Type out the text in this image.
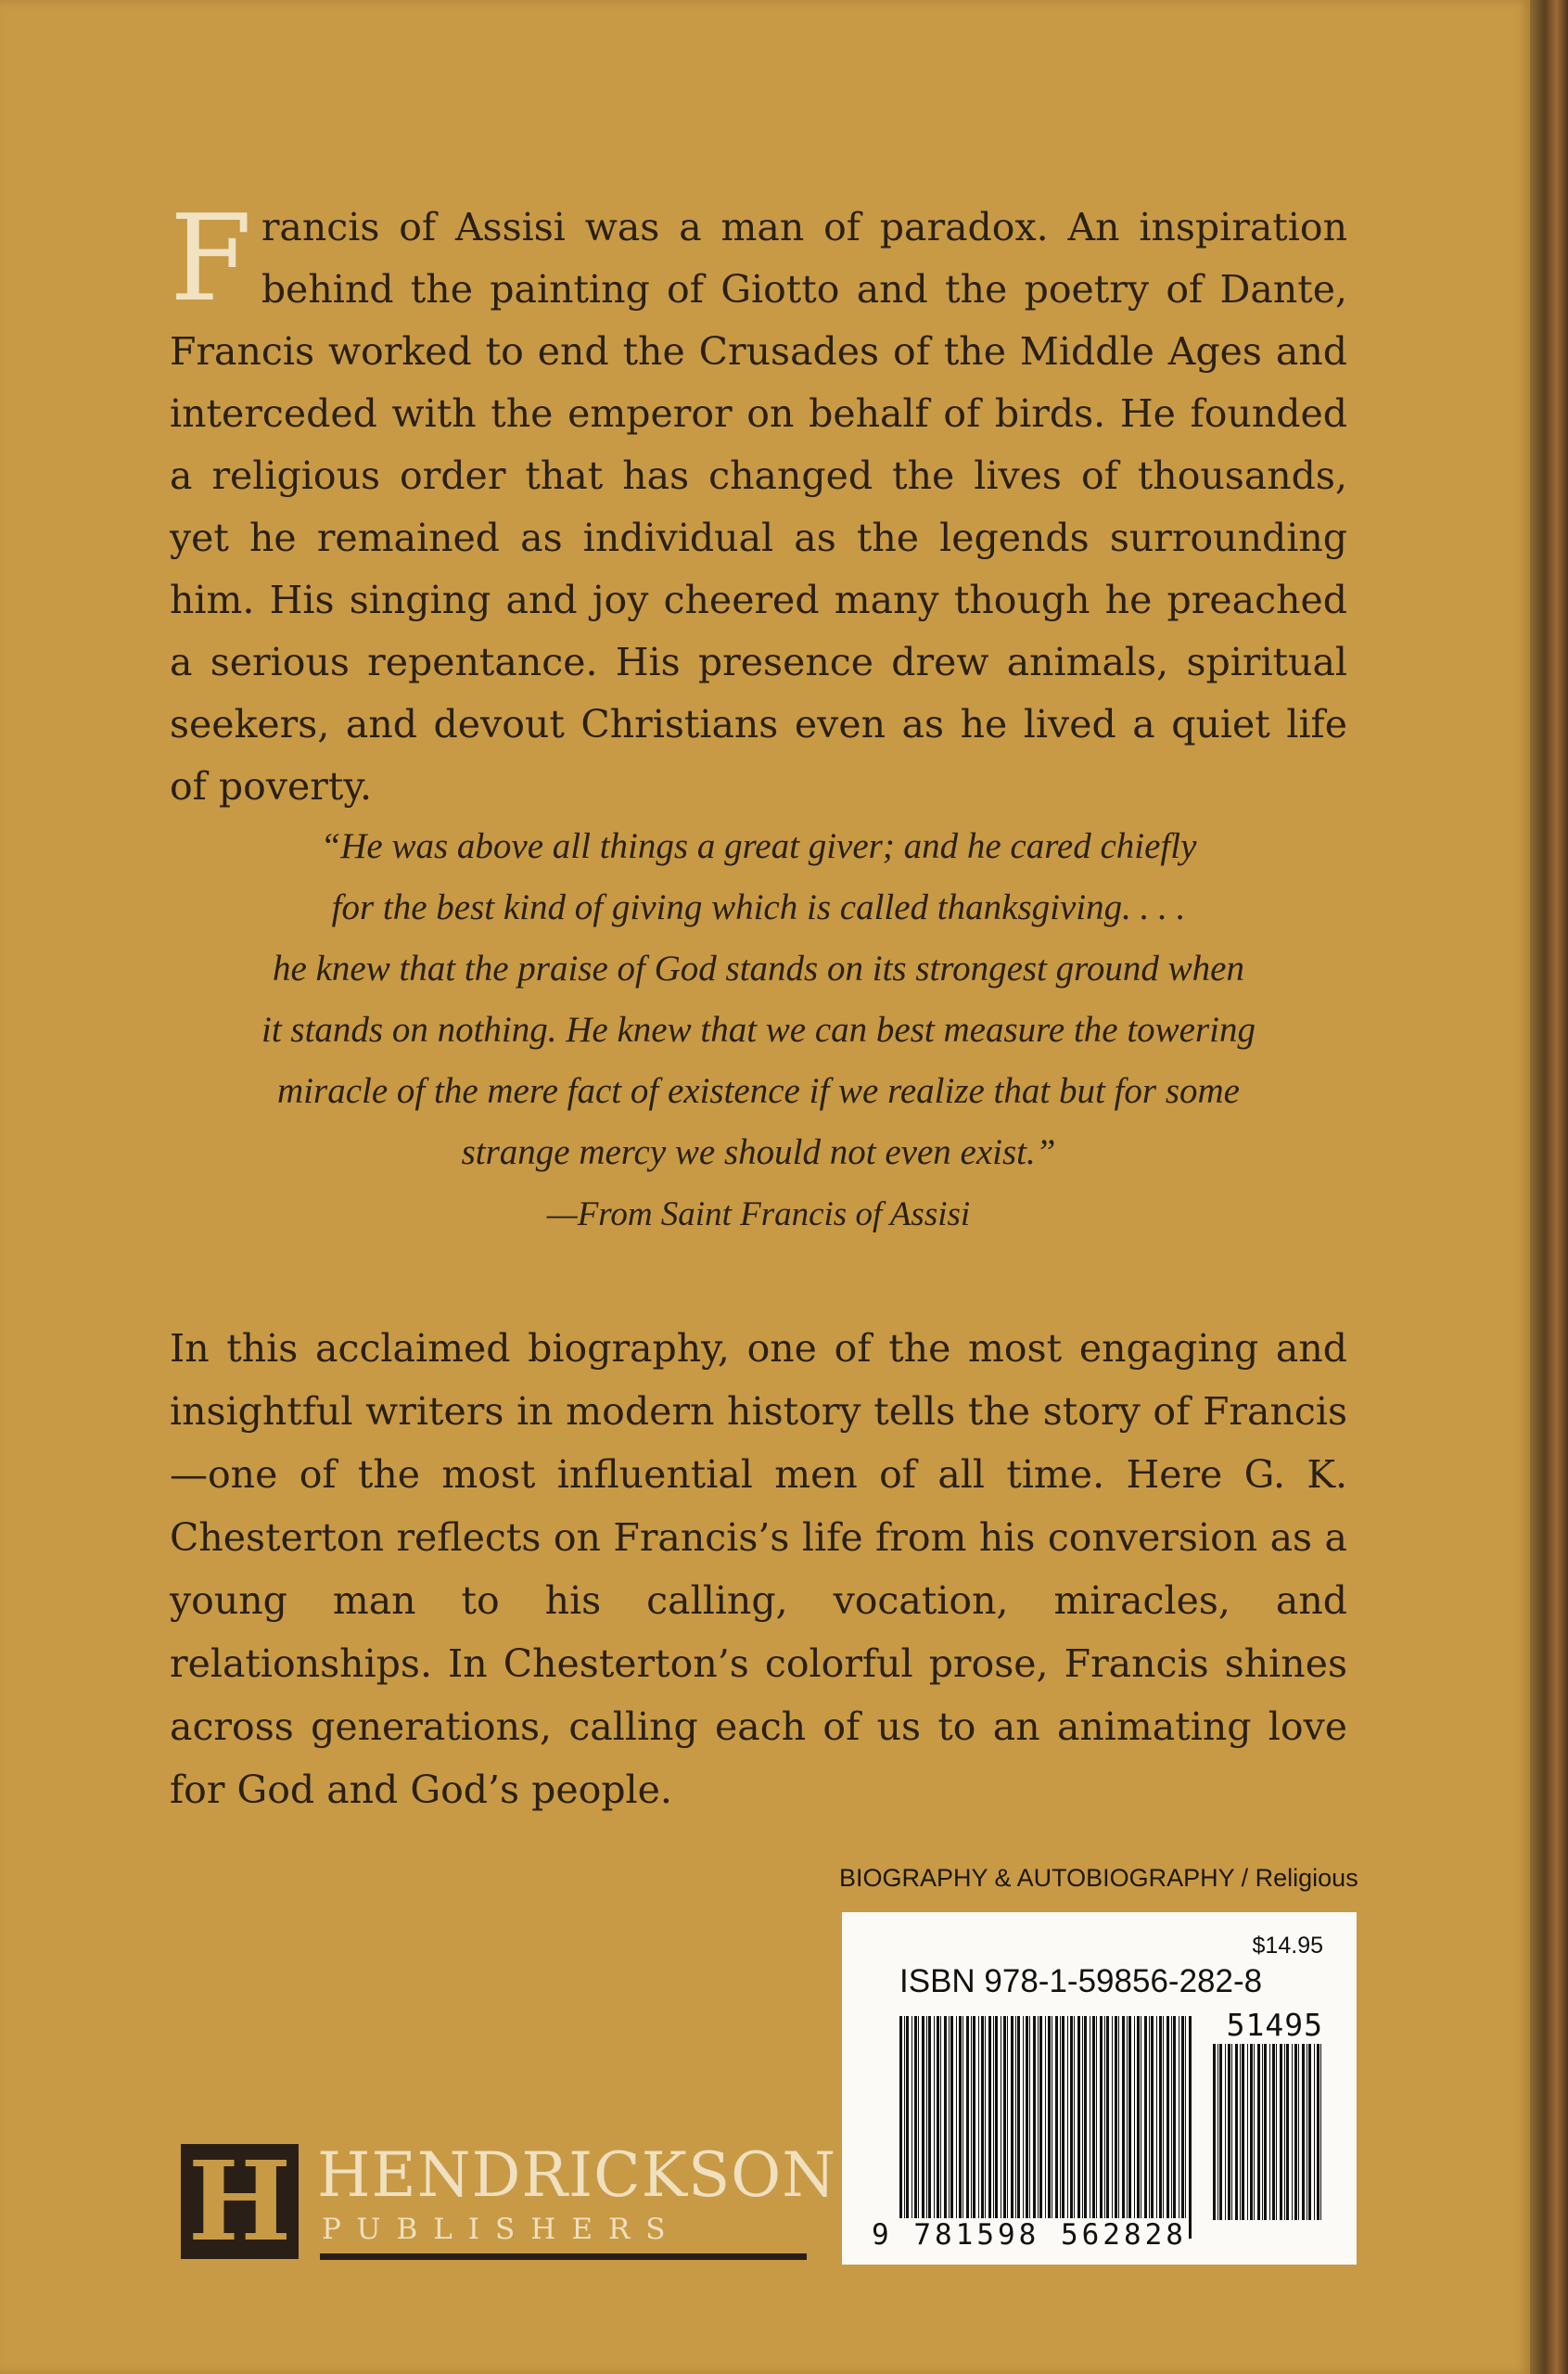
Francis of Assisi was a man of paradox. An inspiration behind the painting of Giotto and the poetry of Dante, Francis worked to end the Crusades of the Middle Ages and interceded with the emperor on behalf of birds. He founded a religious order that has changed the lives of thousands, yet he remained as individual as the legends surrounding him. His singing and joy cheered many though he preached a serious repentance. His presence drew animals, spiritual seekers, and devout Christians even as he lived a quiet life of poverty.

“He was above all things a great giver; and he cared chiefly
for the best kind of giving which is called thanksgiving. . . .
he knew that the praise of God stands on its strongest ground when
it stands on nothing. He knew that we can best measure the towering
miracle of the mere fact of existence if we realize that but for some
strange mercy we should not even exist.”

—From Saint Francis of Assisi

In this acclaimed biography, one of the most engaging and insightful writers in modern history tells the story of Francis—one of the most influential men of all time. Here G. K. Chesterton reflects on Francis’s life from his conversion as a young man to his calling, vocation, miracles, and relationships. In Chesterton’s colorful prose, Francis shines across generations, calling each of us to an animating love for God and God’s people.

BIOGRAPHY & AUTOBIOGRAPHY / Religious
$14.95
ISBN 978-1-59856-282-8
51495
9 781598 562828
H HENDRICKSON
PUBLISHERS
